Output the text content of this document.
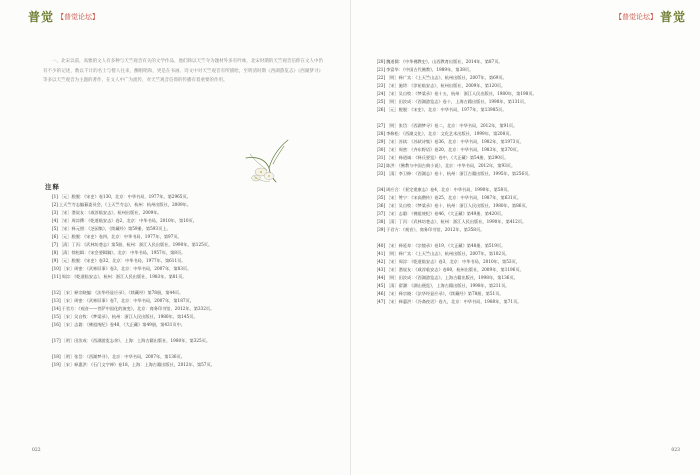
普觉 【普觉论坛】

一、北宋以前，高雅的文人有多种与天竺观音有关的文学作品，他们除以天竺寺为题材外多有吟咏，北宋时期的天竺观音信仰在文人中仍有不少的记述，数以千计的名士与僧人往来，酬唱唱和，更是在书画、诗文中对天竺观音有所描绘，至明清时期《西湖游览志》《西湖梦寻》等多以天竺观音为主题的著作，在文人中广为流传，对天竺观音信仰的传播有着重要的作用。

注释
[1]［元］脱脱：《宋史》卷130，北京：中华书局，1977年，第2965页。
[2]上天竺寺志编纂委员会，《上天竺寺志》，杭州：杭州出版社，2009年。
[3]［宋］潜说友：《咸淳临安志》，杭州出版社，2009年。
[4]［宋］周淙撰：《乾道临安志》卷2，北京：中华书局，2010年，第10页。
[5]［宋］释元照：《芝园集》，《续藏经》第59册，第593页上。
[6]［元］脱脱：《宋史》卷四，北京：中华书局，1977年，第97页。
[7]［清］丁丙：《武林坊巷志》第5册，杭州：浙江人民出版社，1990年，第125页。
[8]［清］徐松辑：《宋会要辑稿》，北京：中华书局，1957年，第8页。
[9]［元］脱脱：《宋史》卷32，北京：中华书局，1977年，第611页。
[10]［宋］周密：《武林旧事》卷3，北京：中华书局，2007年，第83页。
[11]周淙：《乾道临安志》，杭州：浙江人民出版社，1983年，第81页。
[12]［宋］释宗晓编：《法华经显应录》，《续藏经》第78册，第44页。
[13]［宋］周密：《武林旧事》卷7，北京：中华书局，2007年，第187页。
[14]于君方：《观音——菩萨中国化的演变》，北京：商务印书馆，2012年，第332页。
[15]［宋］吴自牧：《梦粱录》，杭州：浙江人民出版社，1980年，第145页。
[16]［宋］志磐：《佛祖统纪》卷48，《大正藏》第49册，第431页中。
[17]［明］田汝成：《西湖游览志余》，上海：上海古籍出版社，1980年，第325页。
[18]［明］张岱：《西湖梦寻》，北京：中华书局，2007年，第136页。
[19]［宋］释惠洪：《石门文字禅》卷18，上海：上海古籍出版社，2012年，第57页。
022
【普觉论坛】 普觉
[20]魏道儒：《中华佛教史》，山西教育出版社，2014年，第87页。
[21]李富华：《中国古代佛教》，1989年，第38页。
[22]［明］释广宾：《上天竺山志》，杭州出版社，2007年，第69页。
[23]［宋］施谔：《淳祐临安志》，杭州出版社，2009年，第120页。
[24]［宋］吴自牧：《梦粱录》卷十五，杭州：浙江人民出版社，1980年，第198页。
[25]［明］田汝成：《西湖游览志》卷十，上海古籍出版社，1998年，第131页。
[26]［元］脱脱：《宋史》，北京：中华书局，1977年，第13985页。
[27]［明］张岱：《西湖梦寻》卷二，北京：中华书局，2012年，第91页。
[28]李修松：《西湖文化》，北京：文化艺术出版社，1999年，第208页。
[29]［宋］苏轼：《苏轼诗集》卷36，北京：中华书局，1982年，第1973页。
[30]［宋］周密：《齐东野语》卷20，北京：中华书局，1983年，第370页。
[31]［宋］释道诚：《释氏要览》卷中，《大正藏》第54册，第290页。
[32]陈洪：《佛教与中国古典小说》，北京：中华书局，2012年，第93页。
[33]［清］李卫修：《西湖志》卷十，杭州：浙江古籍出版社，1995年，第256页。
[34]周应合：《景定建康志》卷4，北京：中华书局，1990年，第58页。
[35]［宋］赞宁：《宋高僧传》卷25，北京：中华书局，1987年，第631页。
[36]［宋］吴自牧：《梦粱录》卷十，杭州：浙江人民出版社，1980年，第86页。
[37]［宋］志磐：《佛祖统纪》卷46，《大正藏》第49册，第420页。
[38]［清］丁丙：《武林坊巷志》，杭州：浙江人民出版社，1990年，第412页。
[39]于君方：《观音》，商务印书馆，2012年，第358页。
[40]［宋］释延寿：《宗镜录》卷19，《大正藏》第48册，第519页。
[41]［明］释广宾：《上天竺山志》，杭州出版社，2007年，第102页。
[42]［宋］周淙：《乾道临安志》卷3，北京：中华书局，2010年，第53页。
[43]［宋］潜说友：《咸淳临安志》卷80，杭州出版社，2009年，第1196页。
[44]［明］田汝成：《西湖游览志》，上海古籍出版社，1998年，第136页。
[45]［清］翟灏：《湖山便览》，上海古籍出版社，1998年，第211页。
[46]［宋］释宗晓：《法华经显应录》，《续藏经》第78册，第51页。
[47]［宋］释惠洪：《冷斋夜话》卷九，北京：中华书局，1988年，第71页。
023
